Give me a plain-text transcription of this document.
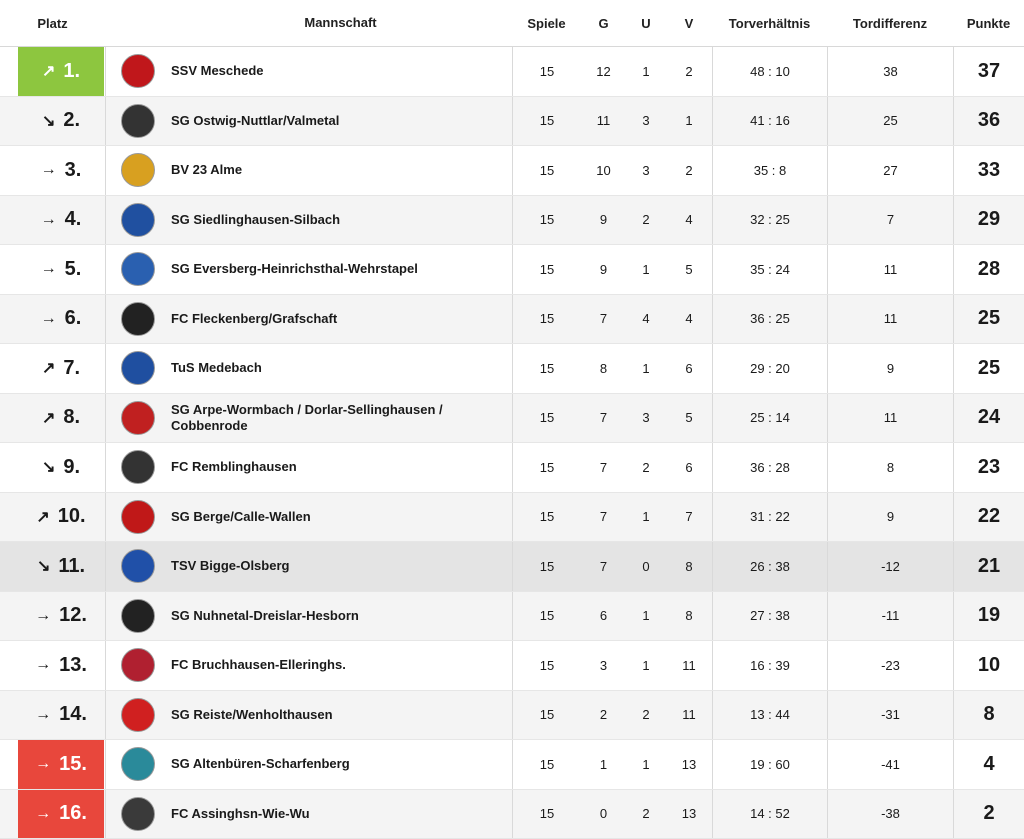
Platz	Mannschaft	Spiele	G	U	V	Torverhältnis	Tordifferenz	Punkte
↗ 1.	SSV Meschede	15	12	1	2	48 : 10	38	37
↘ 2.	SG Ostwig-Nuttlar/Valmetal	15	11	3	1	41 : 16	25	36
→ 3.	BV 23 Alme	15	10	3	2	35 : 8	27	33
→ 4.	SG Siedlinghausen-Silbach	15	9	2	4	32 : 25	7	29
→ 5.	SG Eversberg-Heinrichsthal-Wehrstapel	15	9	1	5	35 : 24	11	28
→ 6.	FC Fleckenberg/Grafschaft	15	7	4	4	36 : 25	11	25
↗ 7.	TuS Medebach	15	8	1	6	29 : 20	9	25
↗ 8.	SG Arpe-Wormbach / Dorlar-Sellinghausen / Cobbenrode	15	7	3	5	25 : 14	11	24
↘ 9.	FC Remblinghausen	15	7	2	6	36 : 28	8	23
↗ 10.	SG Berge/Calle-Wallen	15	7	1	7	31 : 22	9	22
↘ 11.	TSV Bigge-Olsberg	15	7	0	8	26 : 38	-12	21
→ 12.	SG Nuhnetal-Dreislar-Hesborn	15	6	1	8	27 : 38	-11	19
→ 13.	FC Bruchhausen-Elleringhs.	15	3	1	11	16 : 39	-23	10
→ 14.	SG Reiste/Wenholthausen	15	2	2	11	13 : 44	-31	8
→ 15.	SG Altenbüren-Scharfenberg	15	1	1	13	19 : 60	-41	4
→ 16.	FC Assinghsn-Wie-Wu	15	0	2	13	14 : 52	-38	2
